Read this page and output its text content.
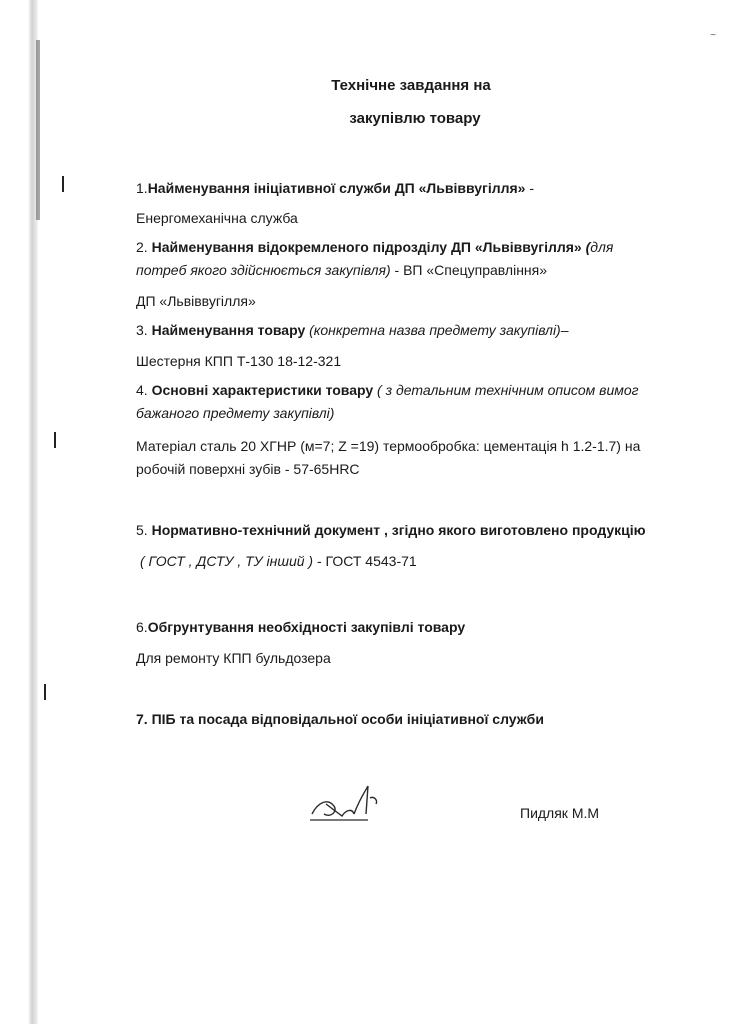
~
Технічне завдання на
закупівлю товару

1.Найменування ініціативної служби ДП «Львіввугілля» -

Енергомеханічна служба

2. Найменування відокремленого підрозділу ДП «Львіввугілля» (для

потреб якого здійснюється закупівля) - ВП «Спецуправління»

ДП «Львіввугілля»

3. Найменування товару (конкретна назва предмету закупівлі)–

Шестерня КПП Т-130 18-12-321

4. Основні характеристики товару ( з детальним технічним описом вимог

бажаного предмету закупівлі)

Матеріал сталь 20 ХГНР (м=7; Z =19) термообробка: цементація h 1.2-1.7) на

робочій поверхні зубів - 57-65HRC

5. Нормативно-технічний документ , згідно якого виготовлено продукцію

( ГОСТ , ДСТУ , ТУ інший ) - ГОСТ 4543-71

6.Обгрунтування необхідності закупівлі товару

Для ремонту КПП бульдозера

7. ПІБ та посада відповідальної особи ініціативної служби

Пидляк М.М
